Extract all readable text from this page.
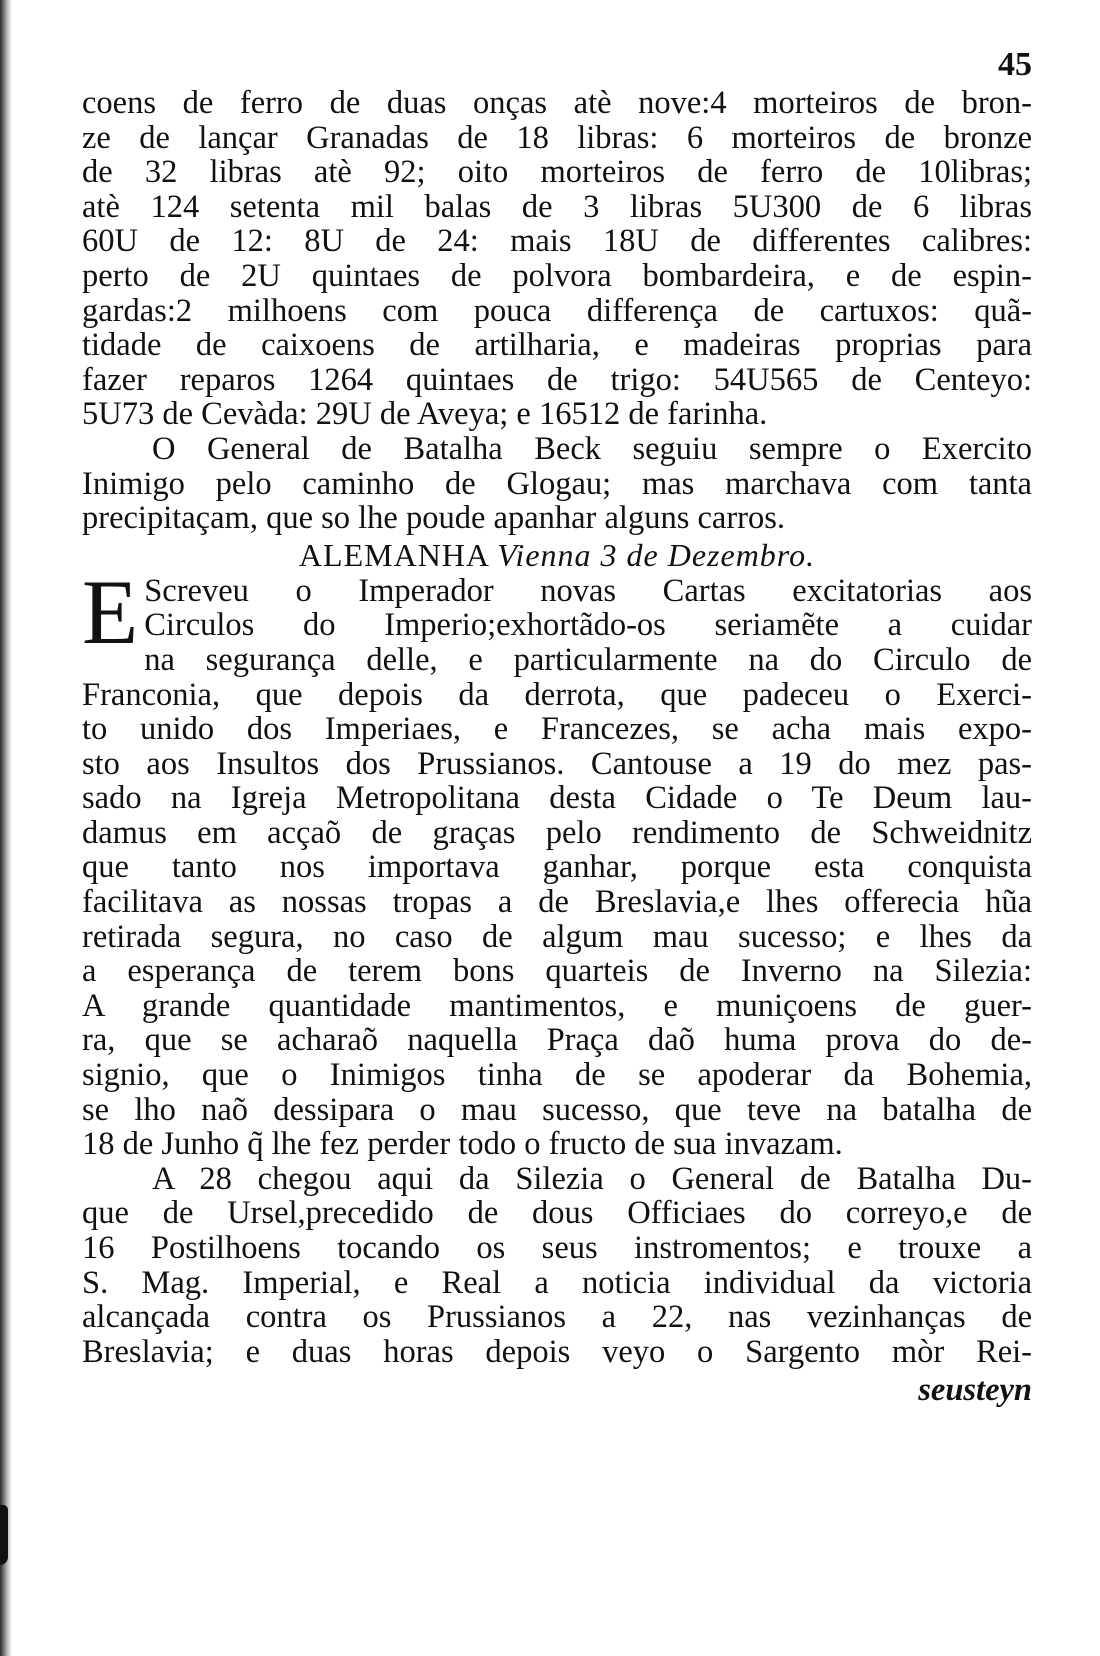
45
coens de ferro de duas onças atè nove:4 morteiros de bron-
ze de lançar Granadas de 18 libras: 6 morteiros de bronze
de 32 libras atè 92; oito morteiros de ferro de 10libras;
atè 124 setenta mil balas de 3 libras 5U300 de 6 libras
60U de 12: 8U de 24: mais 18U de differentes calibres:
perto de 2U quintaes de polvora bombardeira, e de espin-
gardas:2 milhoens com pouca differença de cartuxos: quã-
tidade de caixoens de artilharia, e madeiras proprias para
fazer reparos 1264 quintaes de trigo: 54U565 de Centeyo:
5U73 de Cevàda: 29U de Aveya; e 16512 de farinha.
O General de Batalha Beck seguiu sempre o Exercito
Inimigo pelo caminho de Glogau; mas marchava com tanta
precipitaçam, que so lhe poude apanhar alguns carros.
ALEMANHA Vienna 3 de Dezembro.
E Screveu o Imperador novas Cartas excitatorias aos
Circulos do Imperio;exhortãdo-os seriamẽte a cuidar
na segurança delle, e particularmente na do Circulo de
Franconia, que depois da derrota, que padeceu o Exerci-
to unido dos Imperiaes, e Francezes, se acha mais expo-
sto aos Insultos dos Prussianos. Cantouse a 19 do mez pas-
sado na Igreja Metropolitana desta Cidade o Te Deum lau-
damus em acçaõ de graças pelo rendimento de Schweidnitz
que tanto nos importava ganhar, porque esta conquista
facilitava as nossas tropas a de Breslavia,e lhes offerecia hũa
retirada segura, no caso de algum mau sucesso; e lhes da
a esperança de terem bons quarteis de Inverno na Silezia:
A grande quantidade mantimentos, e muniçoens de guer-
ra, que se acharaõ naquella Praça daõ huma prova do de-
signio, que o Inimigos tinha de se apoderar da Bohemia,
se lho naõ dessipara o mau sucesso, que teve na batalha de
18 de Junho q̃ lhe fez perder todo o fructo de sua invazam.
A 28 chegou aqui da Silezia o General de Batalha Du-
que de Ursel,precedido de dous Officiaes do correyo,e de
16 Postilhoens tocando os seus instromentos; e trouxe a
S. Mag. Imperial, e Real a noticia individual da victoria
alcançada contra os Prussianos a 22, nas vezinhanças de
Breslavia; e duas horas depois veyo o Sargento mòr Rei-
seusteyn
